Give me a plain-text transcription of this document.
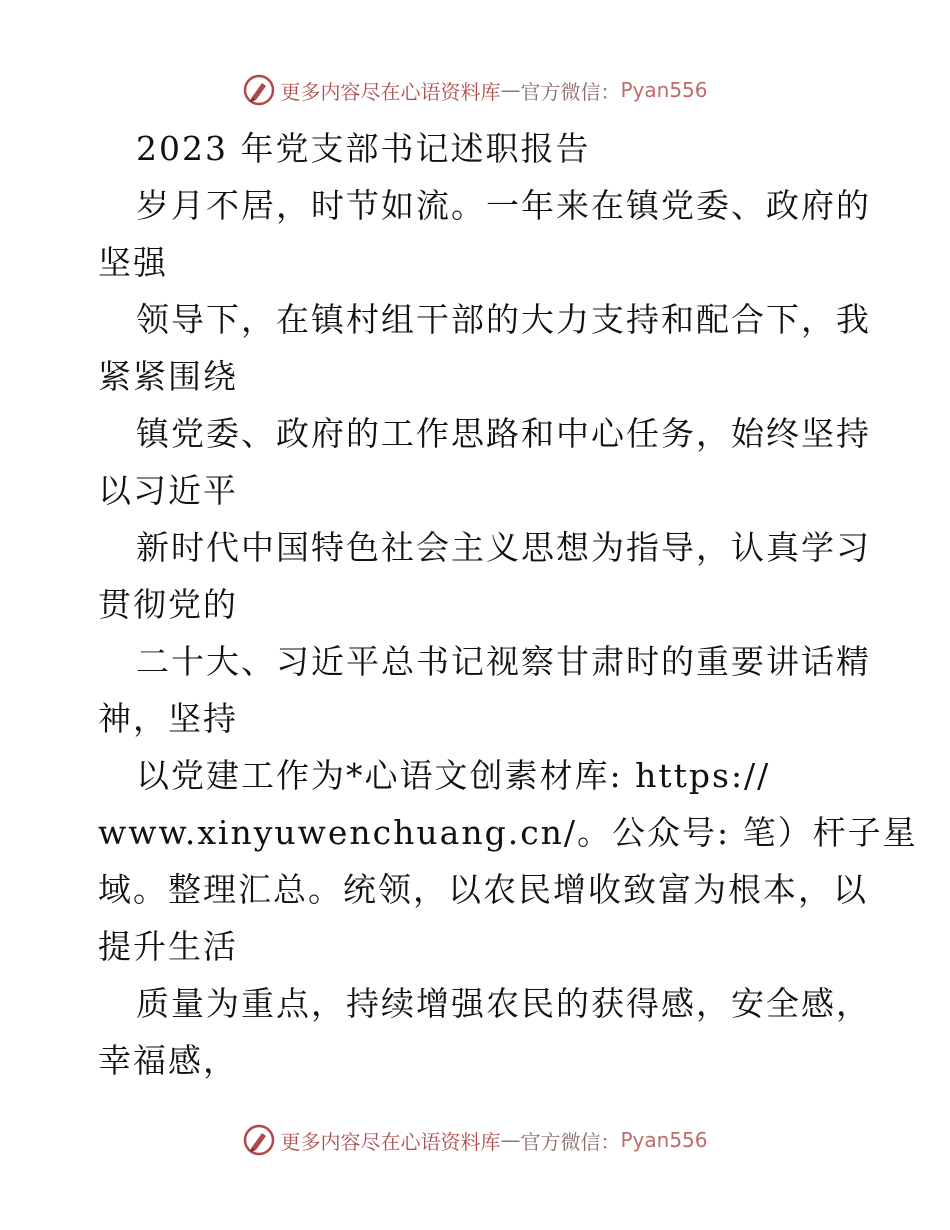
更多内容尽在心语资料库 — 官方微信： Pyan556
2023 年党支部书记述职报告
岁月不居，时节如流。一年来在镇党委、政府的
坚强
领导下，在镇村组干部的大力支持和配合下，我
紧紧围绕
镇党委、政府的工作思路和中心任务，始终坚持
以习近平
新时代中国特色社会主义思想为指导，认真学习
贯彻党的
二十大、习近平总书记视察甘肃时的重要讲话精
神，坚持
以党建工作为*心语文创素材库: https://
www.xinyuwenchuang.cn/。公众号: 笔）杆子星
域。整理汇总。统领，以农民增收致富为根本，以
提升生活
质量为重点，持续增强农民的获得感，安全感，
幸福感，
更多内容尽在心语资料库 — 官方微信： Pyan556
